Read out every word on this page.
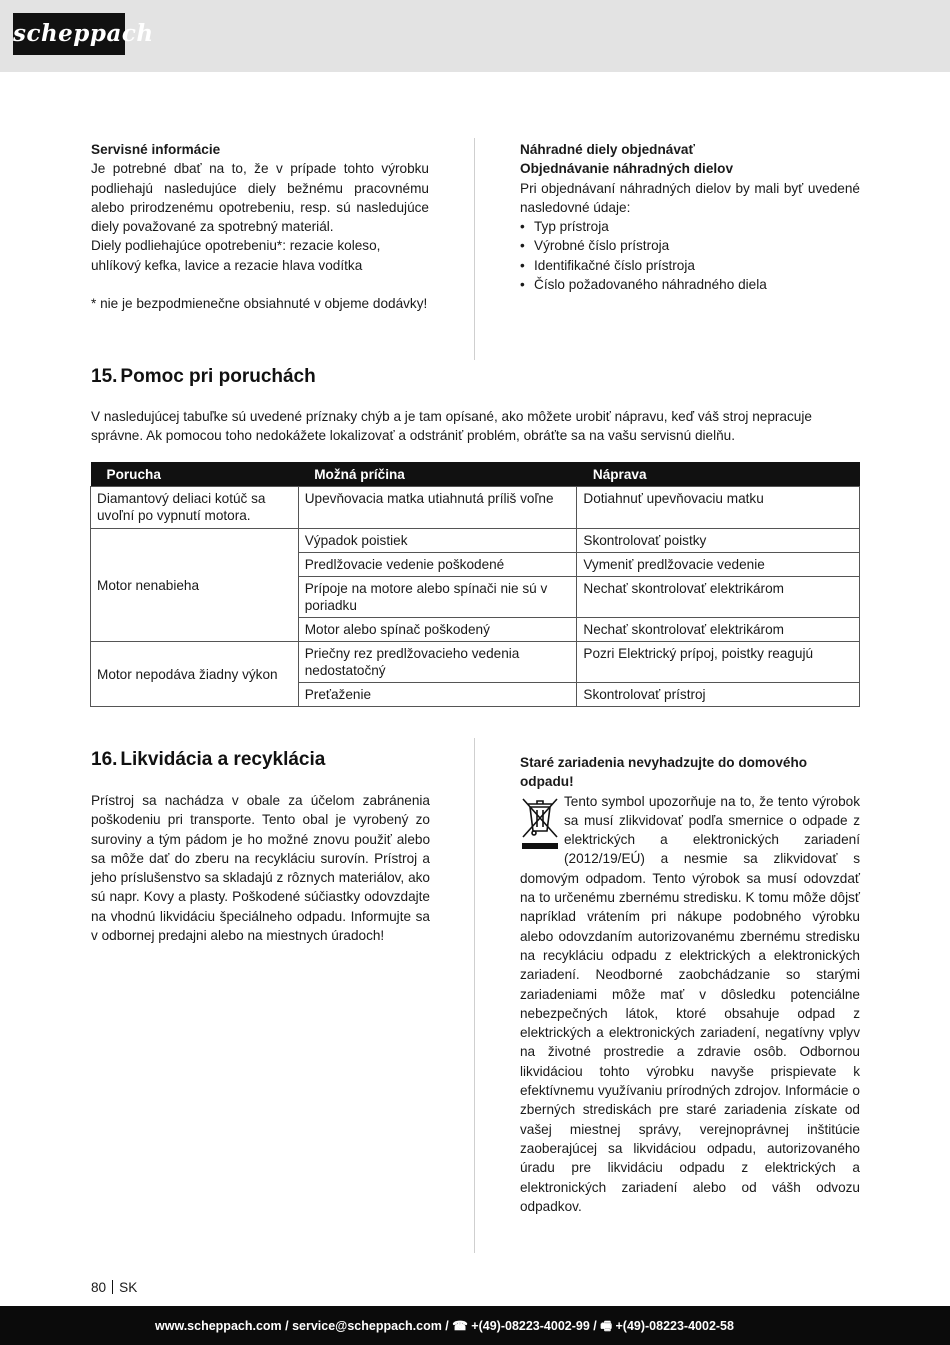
scheppach

Servisné informácie

Je potrebné dbať na to, že v prípade tohto výrobku podliehajú nasledujúce diely bežnému pracovnému alebo prirodzenému opotrebeniu, resp. sú nasledujúce diely považované za spotrebný materiál.

Diely podliehajúce opotrebeniu*: rezacie koleso, uhlíkový kefka, lavice a rezacie hlava vodítka

* nie je bezpodmienečne obsiahnuté v objeme dodávky!

Náhradné diely objednávať

Objednávanie náhradných dielov

Pri objednávaní náhradných dielov by mali byť uvedené nasledovné údaje:

• Typ prístroja
• Výrobné číslo prístroja
• Identifikačné číslo prístroja
• Číslo požadovaného náhradného diela
15. Pomoc pri poruchách
V nasledujúcej tabuľke sú uvedené príznaky chýb a je tam opísané, ako môžete urobiť nápravu, keď váš stroj nepracuje správne. Ak pomocou toho nedokážete lokalizovať a odstrániť problém, obráťte sa na vašu servisnú dielňu.
Porucha	Možná príčina	Náprava
Diamantový deliaci kotúč sa uvoľní po vypnutí motora.	Upevňovacia matka utiahnutá príliš voľne	Dotiahnuť upevňovaciu matku
Motor nenabieha	Výpadok poistiek	Skontrolovať poistky
	Predlžovacie vedenie poškodené	Vymeniť predlžovacie vedenie
	Prípoje na motore alebo spínači nie sú v poriadku	Nechať skontrolovať elektrikárom
	Motor alebo spínač poškodený	Nechať skontrolovať elektrikárom
Motor nepodáva žiadny výkon	Priečny rez predlžovacieho vedenia nedostatočný	Pozri Elektrický prípoj, poistky reagujú
	Preťaženie	Skontrolovať prístroj
16. Likvidácia a recyklácia
Prístroj sa nachádza v obale za účelom zabránenia poškodeniu pri transporte. Tento obal je vyrobený zo suroviny a tým pádom je ho možné znovu použiť alebo sa môže dať do zberu na recykláciu surovín. Prístroj a jeho príslušenstvo sa skladajú z rôznych materiálov, ako sú napr. Kovy a plasty. Poškodené súčiastky odovzdajte na vhodnú likvidáciu špeciálneho odpadu. Informujte sa v odbornej predajni alebo na miestnych úradoch!

Staré zariadenia nevyhadzujte do domového odpadu!

Tento symbol upozorňuje na to, že tento výrobok sa musí zlikvidovať podľa smernice o odpade z elektrických a elektronických zariadení (2012/19/EÚ) a nesmie sa zlikvidovať s domovým odpadom. Tento výrobok sa musí odovzdať na to určenému zbernému stredisku. K tomu môže dôjsť napríklad vrátením pri nákupe podobného výrobku alebo odovzdaním autorizovanému zbernému stredisku na recykláciu odpadu z elektrických a elektronických zariadení. Neodborné zaobchádzanie so starými zariadeniami môže mať v dôsledku potenciálne nebezpečných látok, ktoré obsahuje odpad z elektrických a elektronických zariadení, negatívny vplyv na životné prostredie a zdravie osôb. Odbornou likvidáciou tohto výrobku navyše prispievate k efektívnemu využívaniu prírodných zdrojov. Informácie o zberných strediskách pre staré zariadenia získate od vašej miestnej správy, verejnoprávnej inštitúcie zaoberajúcej sa likvidáciou odpadu, autorizovaného úradu pre likvidáciu odpadu z elektrických a elektronických zariadení alebo od vášh odvozu odpadkov.

80 SK
www.scheppach.com / service@scheppach.com / ☎ +(49)-08223-4002-99 / 🖷 +(49)-08223-4002-58
